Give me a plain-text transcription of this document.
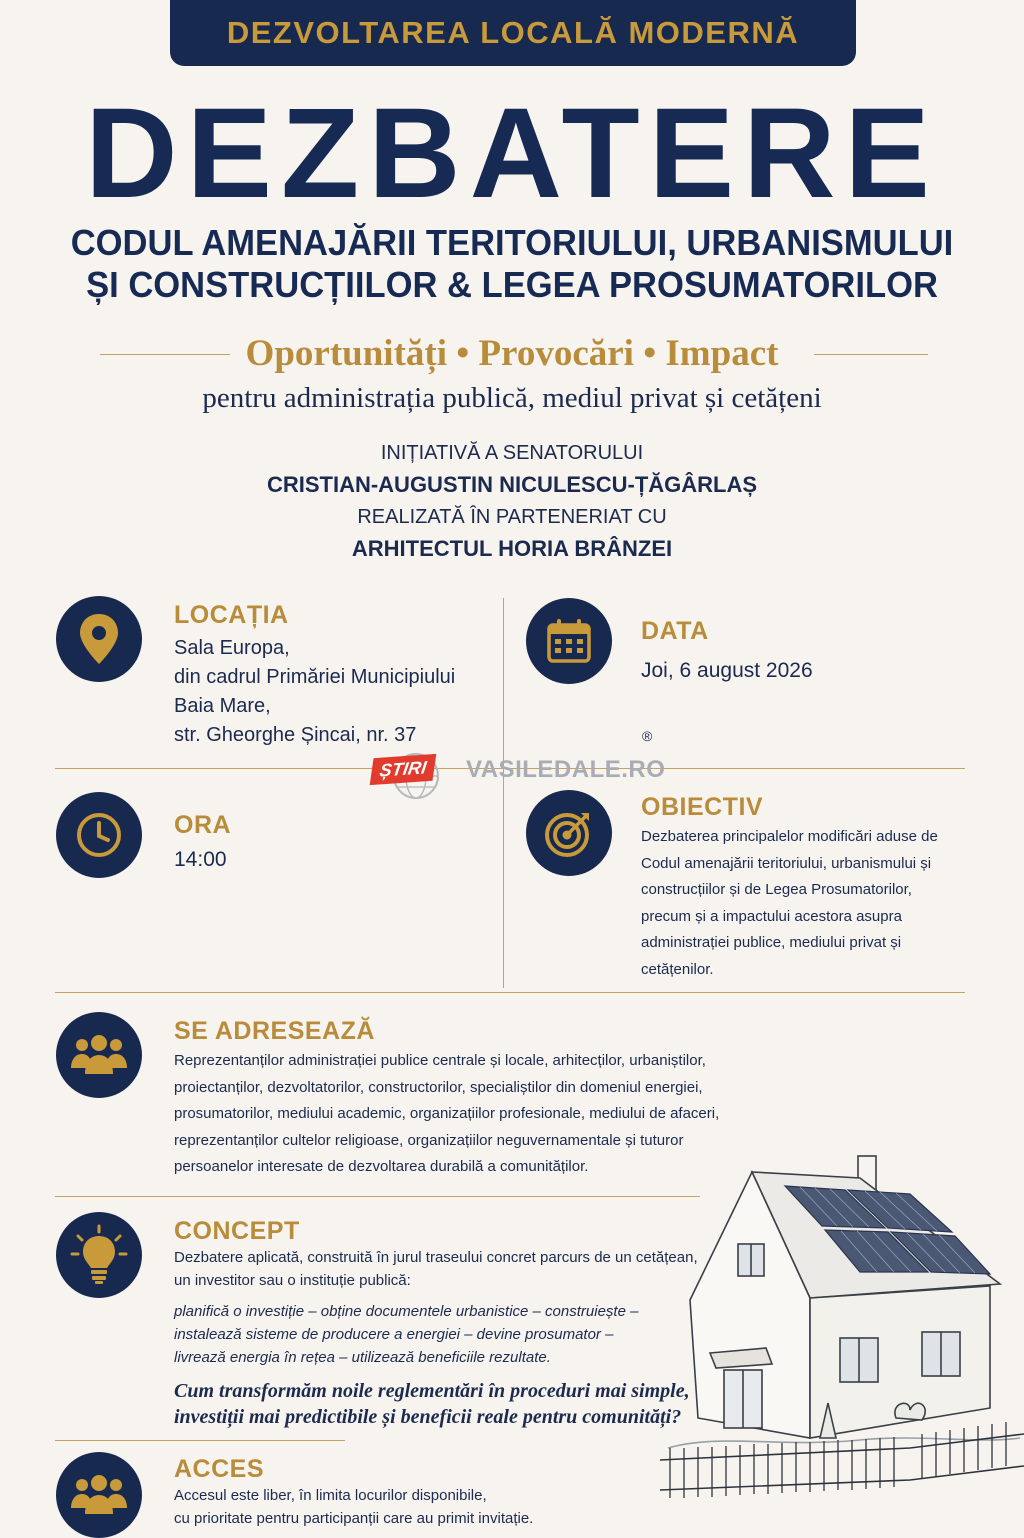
DEZVOLTAREA LOCALĂ MODERNĂ
DEZBATERE
CODUL AMENAJĂRII TERITORIULUI, URBANISMULUI
ȘI CONSTRUCȚIILOR & LEGEA PROSUMATORILOR
Oportunități • Provocări • Impact
pentru administrația publică, mediul privat și cetățeni
INIȚIATIVĂ A SENATORULUI
CRISTIAN-AUGUSTIN NICULESCU-ȚĂGÂRLAȘ
REALIZATĂ ÎN PARTENERIAT CU
ARHITECTUL HORIA BRÂNZEI
LOCAȚIA
Sala Europa,
din cadrul Primăriei Municipiului
Baia Mare,
str. Gheorghe Șincai, nr. 37
DATA
Joi, 6 august 2026
ȘTIRI	VASILEDALE.RO
®
ORA
14:00
OBIECTIV
Dezbaterea principalelor modificări aduse de
Codul amenajării teritoriului, urbanismului și
construcțiilor și de Legea Prosumatorilor,
precum și a impactului acestora asupra
administrației publice, mediului privat și
cetățenilor.
SE ADRESEAZĂ
Reprezentanților administrației publice centrale și locale, arhitecților, urbaniștilor,
proiectanților, dezvoltatorilor, constructorilor, specialiștilor din domeniul energiei,
prosumatorilor, mediului academic, organizațiilor profesionale, mediului de afaceri,
reprezentanților cultelor religioase, organizațiilor neguvernamentale și tuturor
persoanelor interesate de dezvoltarea durabilă a comunităților.
CONCEPT
Dezbatere aplicată, construită în jurul traseului concret parcurs de un cetățean,
un investitor sau o instituție publică:
planifică o investiție – obține documentele urbanistice – construiește –
instalează sisteme de producere a energiei – devine prosumator –
livrează energia în rețea – utilizează beneficiile rezultate.
Cum transformăm noile reglementări în proceduri mai simple,
investiții mai predictibile și beneficii reale pentru comunități?
ACCES
Accesul este liber, în limita locurilor disponibile,
cu prioritate pentru participanții care au primit invitație.
